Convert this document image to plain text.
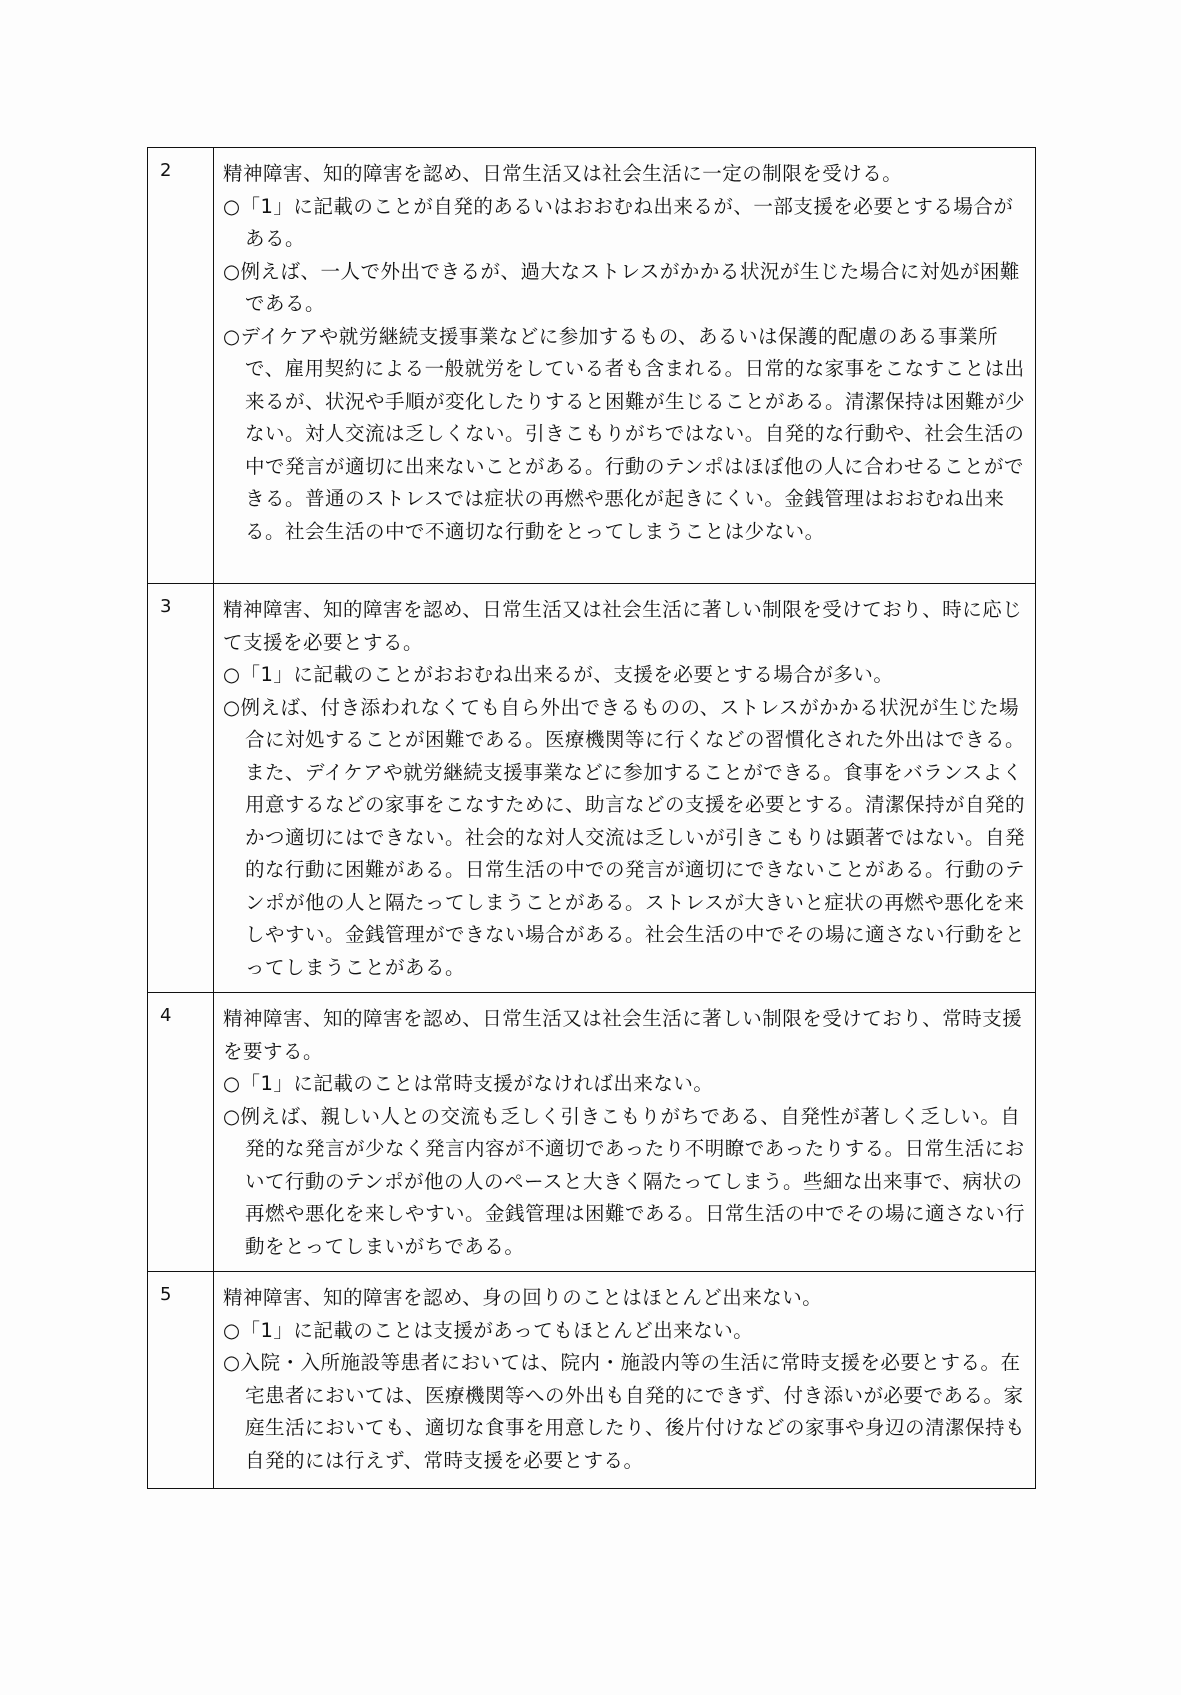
2	精神障害、知的障害を認め、日常生活又は社会生活に一定の制限を受ける。
○「1」に記載のことが自発的あるいはおおむね出来るが、一部支援を必要とする場合がある。
○例えば、一人で外出できるが、過大なストレスがかかる状況が生じた場合に対処が困難である。
○デイケアや就労継続支援事業などに参加するもの、あるいは保護的配慮のある事業所で、雇用契約による一般就労をしている者も含まれる。日常的な家事をこなすことは出来るが、状況や手順が変化したりすると困難が生じることがある。清潔保持は困難が少ない。対人交流は乏しくない。引きこもりがちではない。自発的な行動や、社会生活の中で発言が適切に出来ないことがある。行動のテンポはほぼ他の人に合わせることができる。普通のストレスでは症状の再燃や悪化が起きにくい。金銭管理はおおむね出来る。社会生活の中で不適切な行動をとってしまうことは少ない。

3	精神障害、知的障害を認め、日常生活又は社会生活に著しい制限を受けており、時に応じて支援を必要とする。
○「1」に記載のことがおおむね出来るが、支援を必要とする場合が多い。
○例えば、付き添われなくても自ら外出できるものの、ストレスがかかる状況が生じた場合に対処することが困難である。医療機関等に行くなどの習慣化された外出はできる。また、デイケアや就労継続支援事業などに参加することができる。食事をバランスよく用意するなどの家事をこなすために、助言などの支援を必要とする。清潔保持が自発的かつ適切にはできない。社会的な対人交流は乏しいが引きこもりは顕著ではない。自発的な行動に困難がある。日常生活の中での発言が適切にできないことがある。行動のテンポが他の人と隔たってしまうことがある。ストレスが大きいと症状の再燃や悪化を来しやすい。金銭管理ができない場合がある。社会生活の中でその場に適さない行動をとってしまうことがある。

4	精神障害、知的障害を認め、日常生活又は社会生活に著しい制限を受けており、常時支援を要する。
○「1」に記載のことは常時支援がなければ出来ない。
○例えば、親しい人との交流も乏しく引きこもりがちである、自発性が著しく乏しい。自発的な発言が少なく発言内容が不適切であったり不明瞭であったりする。日常生活において行動のテンポが他の人のペースと大きく隔たってしまう。些細な出来事で、病状の再燃や悪化を来しやすい。金銭管理は困難である。日常生活の中でその場に適さない行動をとってしまいがちである。

5	精神障害、知的障害を認め、身の回りのことはほとんど出来ない。
○「1」に記載のことは支援があってもほとんど出来ない。
○入院・入所施設等患者においては、院内・施設内等の生活に常時支援を必要とする。在宅患者においては、医療機関等への外出も自発的にできず、付き添いが必要である。家庭生活においても、適切な食事を用意したり、後片付けなどの家事や身辺の清潔保持も自発的には行えず、常時支援を必要とする。
